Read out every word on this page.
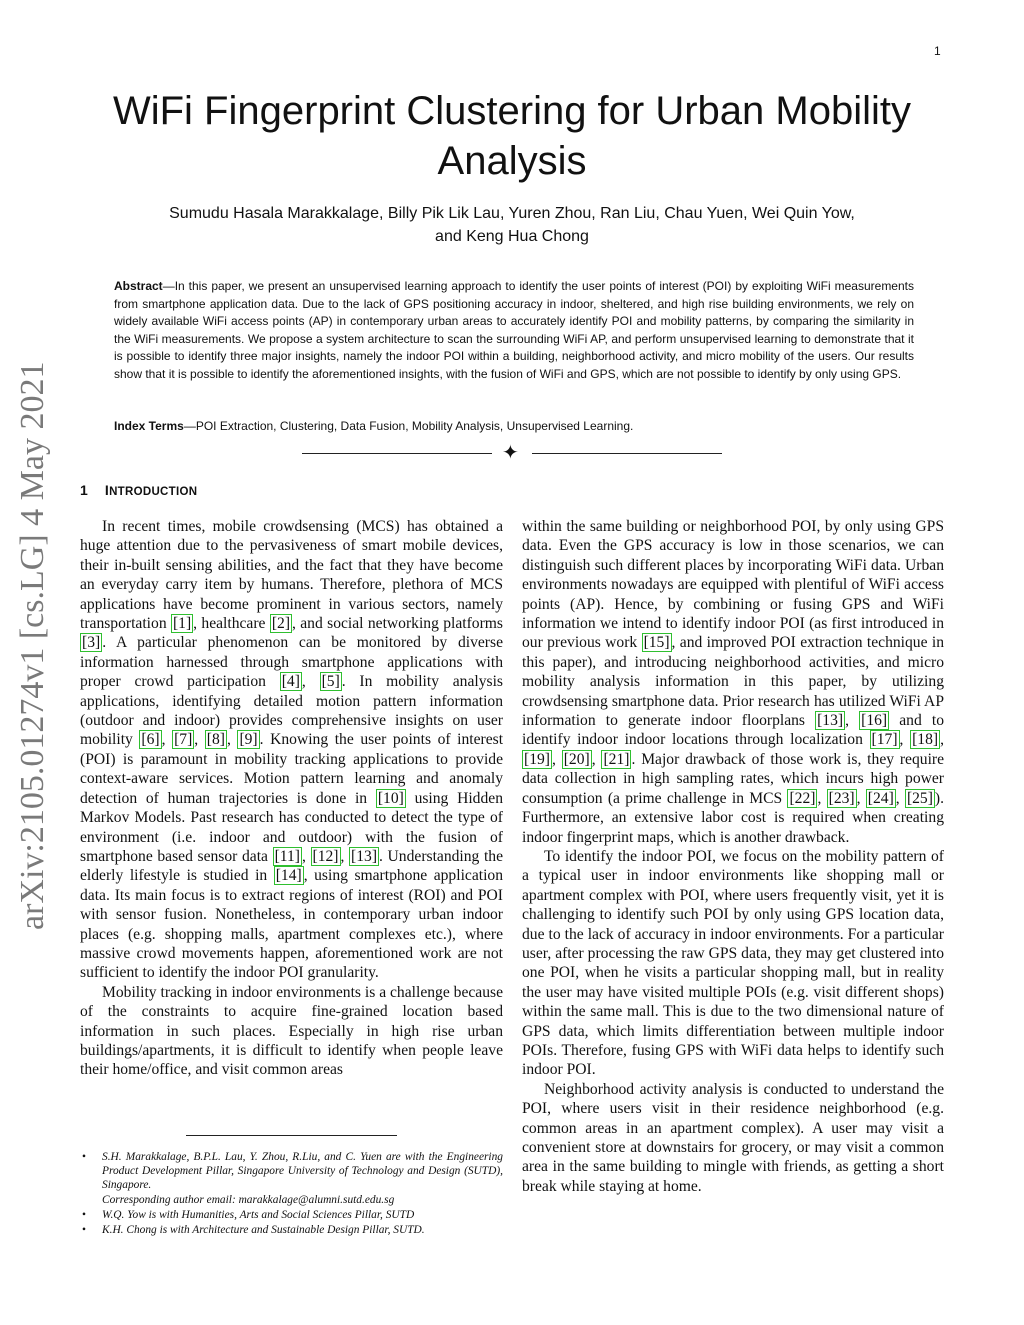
1
arXiv:2105.01274v1 [cs.LG] 4 May 2021
WiFi Fingerprint Clustering for Urban Mobility
Analysis
Sumudu Hasala Marakkalage, Billy Pik Lik Lau, Yuren Zhou, Ran Liu, Chau Yuen, Wei Quin Yow,
and Keng Hua Chong
Abstract—In this paper, we present an unsupervised learning approach to identify the user points of interest (POI) by exploiting WiFi measurements from smartphone application data. Due to the lack of GPS positioning accuracy in indoor, sheltered, and high rise building environments, we rely on widely available WiFi access points (AP) in contemporary urban areas to accurately identify POI and mobility patterns, by comparing the similarity in the WiFi measurements. We propose a system architecture to scan the surrounding WiFi AP, and perform unsupervised learning to demonstrate that it is possible to identify three major insights, namely the indoor POI within a building, neighborhood activity, and micro mobility of the users. Our results show that it is possible to identify the aforementioned insights, with the fusion of WiFi and GPS, which are not possible to identify by only using GPS.
Index Terms—POI Extraction, Clustering, Data Fusion, Mobility Analysis, Unsupervised Learning.
✦
1 INTRODUCTION

In recent times, mobile crowdsensing (MCS) has obtained a huge attention due to the pervasiveness of smart mobile devices, their in-built sensing abilities, and the fact that they have become an everyday carry item by humans. Therefore, plethora of MCS applications have become prominent in various sectors, namely transportation [1] , healthcare [2] , and social networking platforms [3] . A particular phenomenon can be monitored by diverse information harnessed through smartphone applications with proper crowd participation [4] , [5] . In mobility analysis applications, identifying detailed motion pattern information (outdoor and indoor) provides comprehensive insights on user mobility [6] , [7] , [8] , [9] . Knowing the user points of interest (POI) is paramount in mobility tracking applications to provide context-aware services. Motion pattern learning and anomaly detection of human trajectories is done in [10] using Hidden Markov Models. Past research has conducted to detect the type of environment (i.e. indoor and outdoor) with the fusion of smartphone based sensor data [11] , [12] , [13] . Understanding the elderly lifestyle is studied in [14] , using smartphone application data. Its main focus is to extract regions of interest (ROI) and POI with sensor fusion. Nonetheless, in contemporary urban indoor places (e.g. shopping malls, apartment complexes etc.), where massive crowd movements happen, aforementioned work are not sufficient to identify the indoor POI granularity.

Mobility tracking in indoor environments is a challenge because of the constraints to acquire fine-grained location based information in such places. Especially in high rise urban buildings/apartments, it is difficult to identify when people leave their home/office, and visit common areas

within the same building or neighborhood POI, by only using GPS data. Even the GPS accuracy is low in those scenarios, we can distinguish such different places by incorporating WiFi data. Urban environments nowadays are equipped with plentiful of WiFi access points (AP). Hence, by combining or fusing GPS and WiFi information we intend to identify indoor POI (as first introduced in our previous work [15] , and improved POI extraction technique in this paper), and introducing neighborhood activities, and micro mobility analysis information in this paper, by utilizing crowdsensing smartphone data. Prior research has utilized WiFi AP information to generate indoor floorplans [13] , [16] and to identify indoor indoor locations through localization [17] , [18] , [19] , [20] , [21] . Major drawback of those work is, they require data collection in high sampling rates, which incurs high power consumption (a prime challenge in MCS [22] , [23] , [24] , [25] ). Furthermore, an extensive labor cost is required when creating indoor fingerprint maps, which is another drawback.

To identify the indoor POI, we focus on the mobility pattern of a typical user in indoor environments like shopping mall or apartment complex with POI, where users frequently visit, yet it is challenging to identify such POI by only using GPS location data, due to the lack of accuracy in indoor environments. For a particular user, after processing the raw GPS data, they may get clustered into one POI, when he visits a particular shopping mall, but in reality the user may have visited multiple POIs (e.g. visit different shops) within the same mall. This is due to the two dimensional nature of GPS data, which limits differentiation between multiple indoor POIs. Therefore, fusing GPS with WiFi data helps to identify such indoor POI.

Neighborhood activity analysis is conducted to understand the POI, where users visit in their residence neighborhood (e.g. common areas in an apartment complex). A user may visit a convenient store at downstairs for grocery, or may visit a common area in the same building to mingle with friends, as getting a short break while staying at home.

• S.H. Marakkalage, B.P.L. Lau, Y. Zhou, R.Liu, and C. Yuen are with the Engineering Product Development Pillar, Singapore University of Technology and Design (SUTD), Singapore.
Corresponding author email: marakkalage@alumni.sutd.edu.sg
• W.Q. Yow is with Humanities, Arts and Social Sciences Pillar, SUTD
• K.H. Chong is with Architecture and Sustainable Design Pillar, SUTD.
